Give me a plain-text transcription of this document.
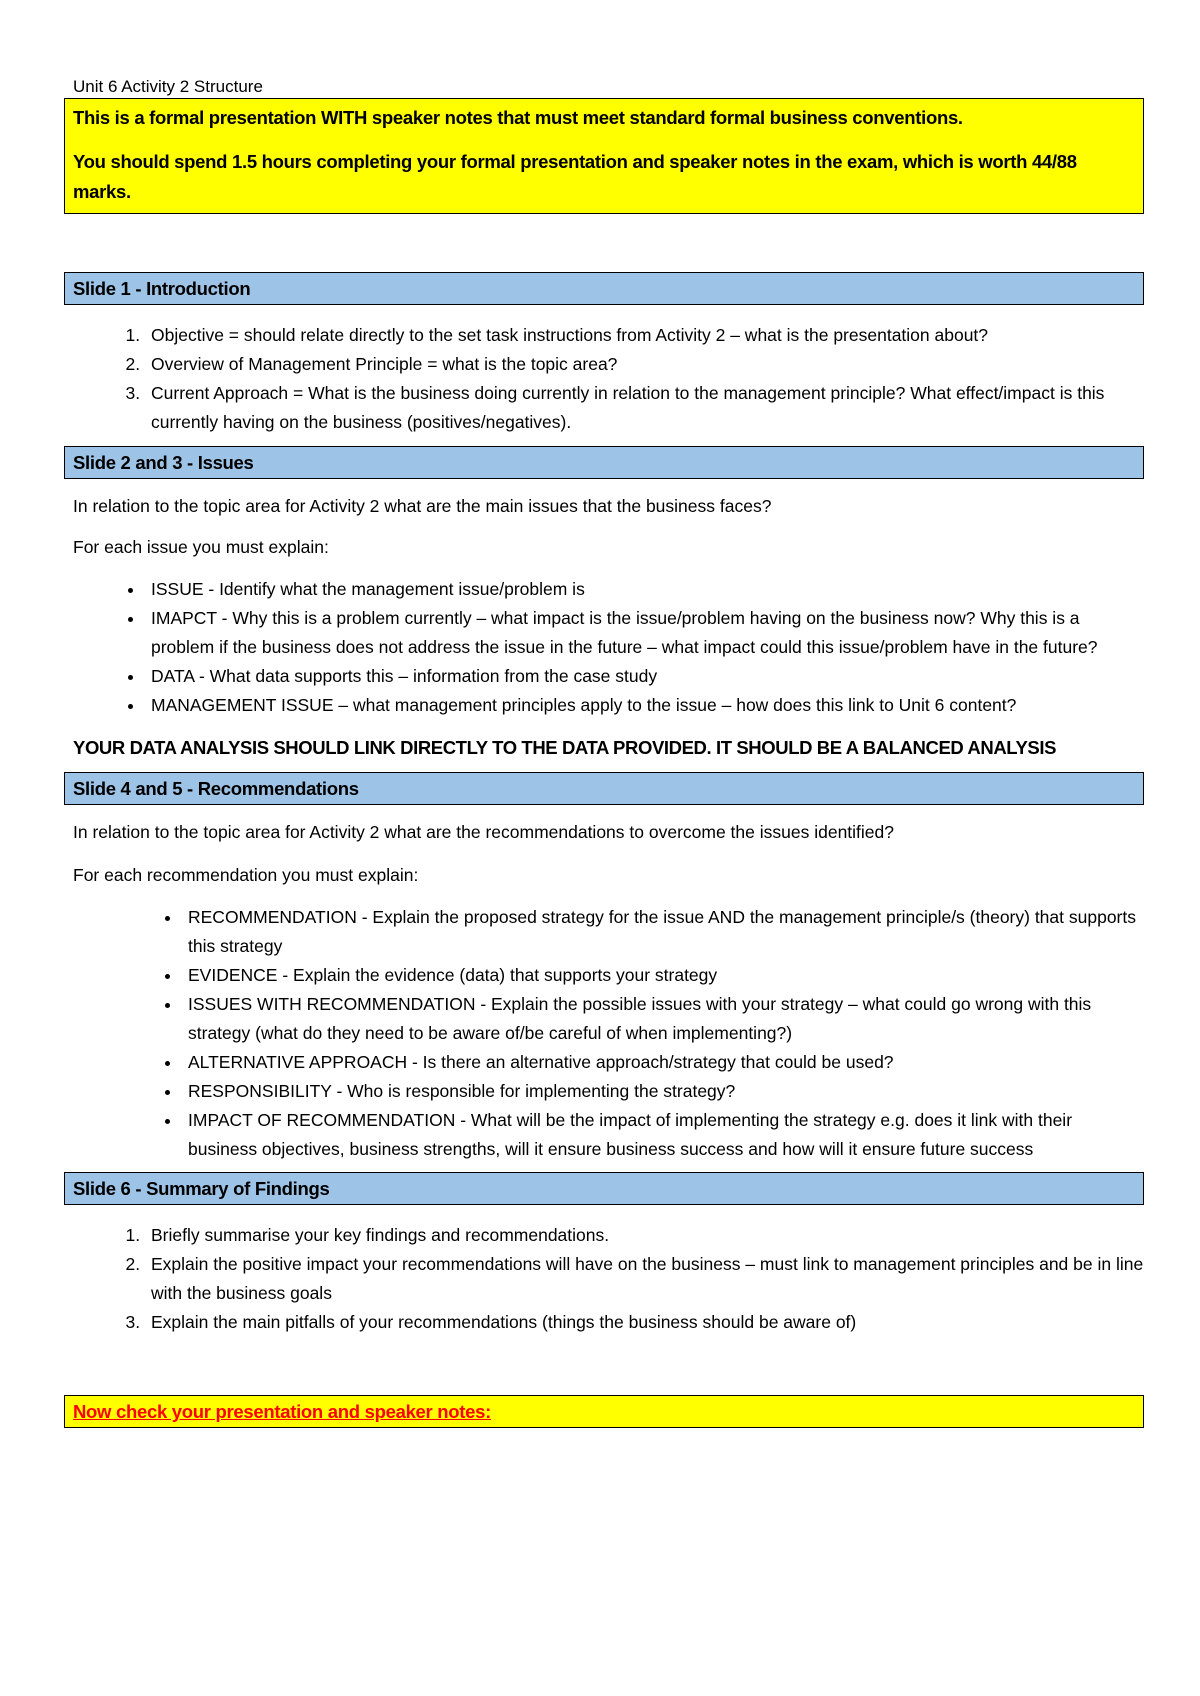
Unit 6 Activity 2 Structure

This is a formal presentation WITH speaker notes that must meet standard formal business conventions.

You should spend 1.5 hours completing your formal presentation and speaker notes in the exam, which is worth 44/88 marks.

Slide 1 - Introduction
1. Objective = should relate directly to the set task instructions from Activity 2 – what is the presentation about?
2. Overview of Management Principle = what is the topic area?
3. Current Approach = What is the business doing currently in relation to the management principle? What effect/impact is this currently having on the business (positives/negatives).
Slide 2 and 3 - Issues

In relation to the topic area for Activity 2 what are the main issues that the business faces?

For each issue you must explain:

• ISSUE - Identify what the management issue/problem is
• IMAPCT - Why this is a problem currently – what impact is the issue/problem having on the business now? Why this is a problem if the business does not address the issue in the future – what impact could this issue/problem have in the future?
• DATA - What data supports this – information from the case study
• MANAGEMENT ISSUE – what management principles apply to the issue – how does this link to Unit 6 content?
YOUR DATA ANALYSIS SHOULD LINK DIRECTLY TO THE DATA PROVIDED. IT SHOULD BE A BALANCED ANALYSIS
Slide 4 and 5 - Recommendations

In relation to the topic area for Activity 2 what are the recommendations to overcome the issues identified?

For each recommendation you must explain:

• RECOMMENDATION - Explain the proposed strategy for the issue AND the management principle/s (theory) that supports this strategy
• EVIDENCE - Explain the evidence (data) that supports your strategy
• ISSUES WITH RECOMMENDATION - Explain the possible issues with your strategy – what could go wrong with this strategy (what do they need to be aware of/be careful of when implementing?)
• ALTERNATIVE APPROACH - Is there an alternative approach/strategy that could be used?
• RESPONSIBILITY - Who is responsible for implementing the strategy?
• IMPACT OF RECOMMENDATION - What will be the impact of implementing the strategy e.g. does it link with their business objectives, business strengths, will it ensure business success and how will it ensure future success
Slide 6 - Summary of Findings
1. Briefly summarise your key findings and recommendations.
2. Explain the positive impact your recommendations will have on the business – must link to management principles and be in line with the business goals
3. Explain the main pitfalls of your recommendations (things the business should be aware of)
Now check your presentation and speaker notes:
